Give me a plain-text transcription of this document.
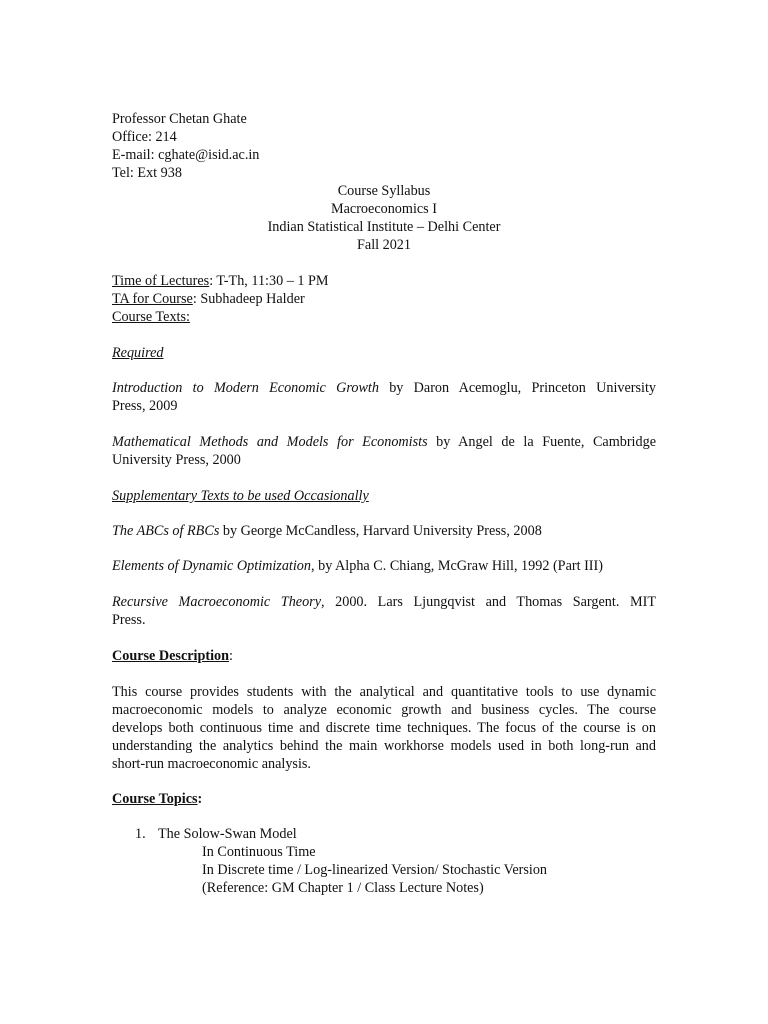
Professor Chetan Ghate
Office: 214
E-mail: cghate@isid.ac.in
Tel: Ext 938
Course Syllabus
Macroeconomics I
Indian Statistical Institute – Delhi Center
Fall 2021
Time of Lectures: T-Th, 11:30 – 1 PM
TA for Course: Subhadeep Halder
Course Texts:
Required

Introduction to Modern Economic Growth by Daron Acemoglu, Princeton University

Press, 2009

Mathematical Methods and Models for Economists by Angel de la Fuente, Cambridge

University Press, 2000

Supplementary Texts to be used Occasionally
The ABCs of RBCs by George McCandless, Harvard University Press, 2008
Elements of Dynamic Optimization, by Alpha C. Chiang, McGraw Hill, 1992 (Part III)

Recursive Macroeconomic Theory, 2000. Lars Ljungqvist and Thomas Sargent. MIT

Press.

Course Description:

This course provides students with the analytical and quantitative tools to use dynamic

macroeconomic models to analyze economic growth and business cycles. The course

develops both continuous time and discrete time techniques. The focus of the course is on

understanding the analytics behind the main workhorse models used in both long-run and

short-run macroeconomic analysis.

Course Topics:
1. The Solow-Swan Model
In Continuous Time
In Discrete time / Log-linearized Version/ Stochastic Version
(Reference: GM Chapter 1 / Class Lecture Notes)
